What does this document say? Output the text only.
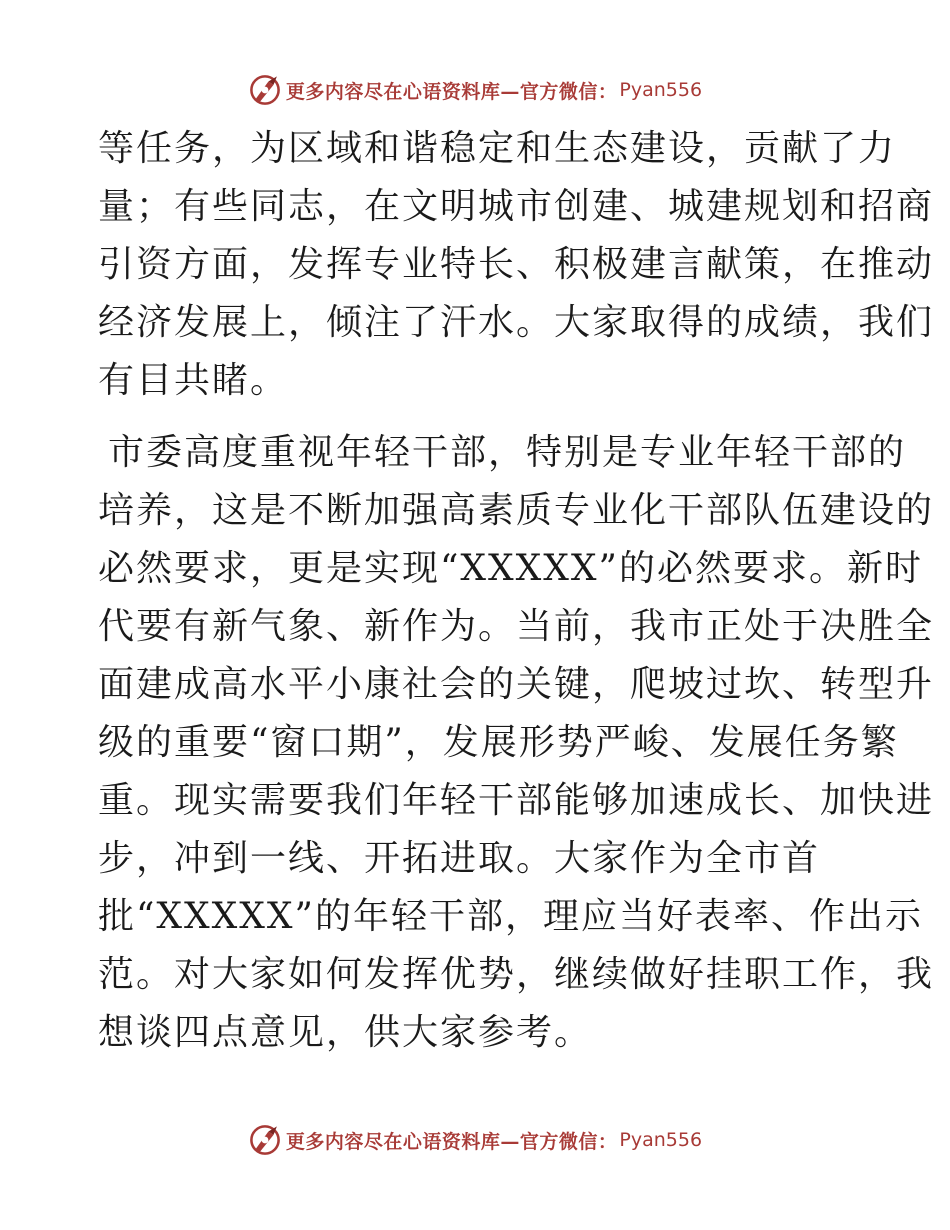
更多内容尽在心语资料库—官方微信： Pyan556
等任务，为区域和谐稳定和生态建设，贡献了力
量；有些同志，在文明城市创建、城建规划和招商
引资方面，发挥专业特长、积极建言献策，在推动
经济发展上，倾注了汗水。大家取得的成绩，我们
有目共睹。
市委高度重视年轻干部，特别是专业年轻干部的
培养，这是不断加强高素质专业化干部队伍建设的
必然要求，更是实现“XXXXX”的必然要求。新时
代要有新气象、新作为。当前，我市正处于决胜全
面建成高水平小康社会的关键，爬坡过坎、转型升
级的重要“窗口期”，发展形势严峻、发展任务繁
重。现实需要我们年轻干部能够加速成长、加快进
步，冲到一线、开拓进取。大家作为全市首
批“XXXXX”的年轻干部，理应当好表率、作出示
范。对大家如何发挥优势，继续做好挂职工作，我
想谈四点意见，供大家参考。
更多内容尽在心语资料库—官方微信： Pyan556
